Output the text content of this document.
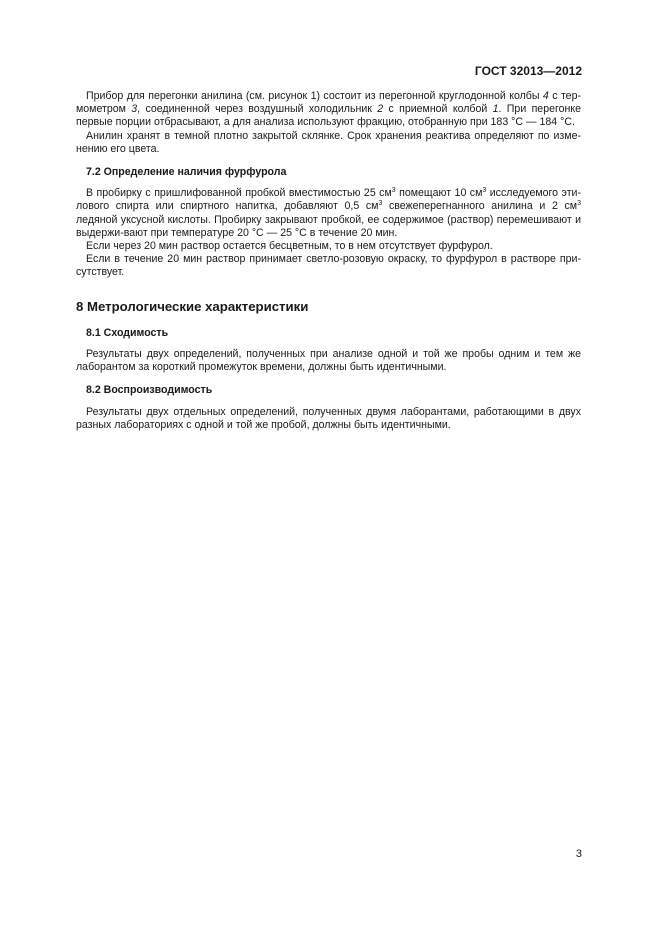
ГОСТ 32013—2012

Прибор для перегонки анилина (см. рисунок 1) состоит из перегонной круглодонной колбы 4 с тер-мометром 3, соединенной через воздушный холодильник 2 с приемной колбой 1. При перегонке первые порции отбрасывают, а для анализа используют фракцию, отобранную при 183 °С — 184 °С.

Анилин хранят в темной плотно закрытой склянке. Срок хранения реактива определяют по изме-нению его цвета.

7.2 Определение наличия фурфурола

В пробирку с пришлифованной пробкой вместимостью 25 $см^3$ помещают 10 $см^3$ исследуемого эти-лового спирта или спиртного напитка, добавляют 0,5 $см^3$ свежеперегнанного анилина и 2 $см^3$ ледяной уксусной кислоты. Пробирку закрывают пробкой, ее содержимое (раствор) перемешивают и выдержи-вают при температуре 20 °С — 25 °С в течение 20 мин.

Если через 20 мин раствор остается бесцветным, то в нем отсутствует фурфурол.

Если в течение 20 мин раствор принимает светло-розовую окраску, то фурфурол в растворе при-сутствует.

8 Метрологические характеристики
8.1 Сходимость

Результаты двух определений, полученных при анализе одной и той же пробы одним и тем же лаборантом за короткий промежуток времени, должны быть идентичными.

8.2 Воспроизводимость

Результаты двух отдельных определений, полученных двумя лаборантами, работающими в двух разных лабораториях с одной и той же пробой, должны быть идентичными.

3
